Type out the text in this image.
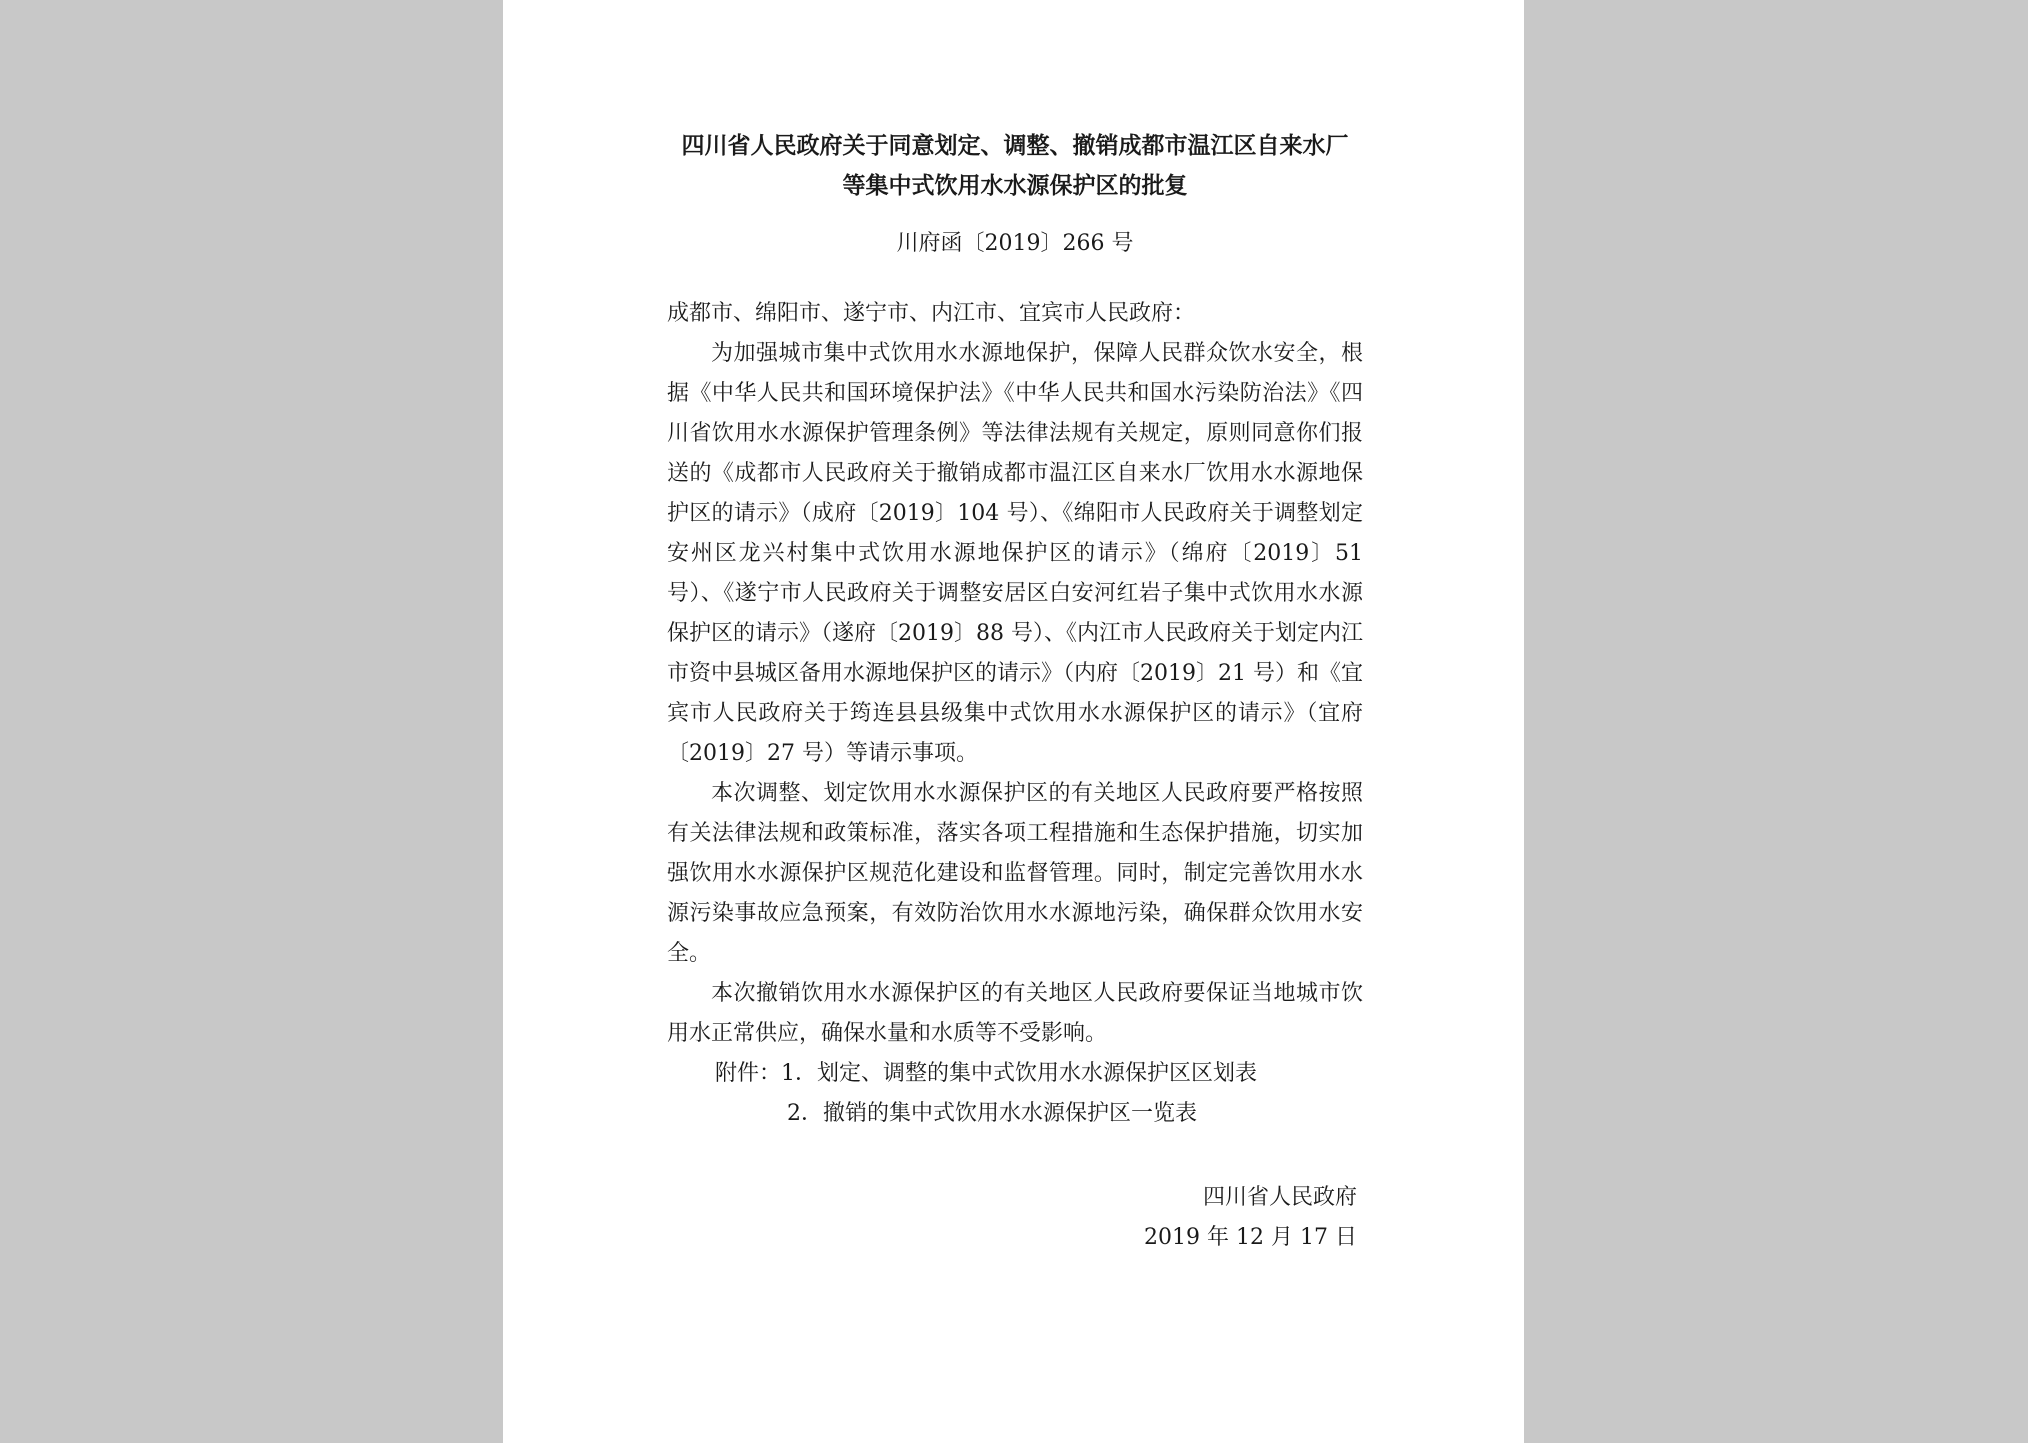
四川省人民政府关于同意划定、调整、撤销成都市温江区自来水厂
等集中式饮用水水源保护区的批复
川府函〔2019〕266 号
成都市、绵阳市、遂宁市、内江市、宜宾市人民政府：

为加强城市集中式饮用水水源地保护，保障人民群众饮水安全，根据《中华人民共和国环境保护法》《中华人民共和国水污染防治法》《四川省饮用水水源保护管理条例》等法律法规有关规定，原则同意你们报送的《成都市人民政府关于撤销成都市温江区自来水厂饮用水水源地保护区的请示》（成府〔2019〕104 号）、《绵阳市人民政府关于调整划定安州区龙兴村集中式饮用水源地保护区的请示》（绵府〔2019〕51 号）、《遂宁市人民政府关于调整安居区白安河红岩子集中式饮用水水源保护区的请示》（遂府〔2019〕88 号）、《内江市人民政府关于划定内江市资中县城区备用水源地保护区的请示》（内府〔2019〕21 号）和《宜宾市人民政府关于筠连县县级集中式饮用水水源保护区的请示》（宜府〔2019〕27 号）等请示事项。

本次调整、划定饮用水水源保护区的有关地区人民政府要严格按照有关法律法规和政策标准，落实各项工程措施和生态保护措施，切实加强饮用水水源保护区规范化建设和监督管理。同时，制定完善饮用水水源污染事故应急预案，有效防治饮用水水源地污染，确保群众饮用水安全。

本次撤销饮用水水源保护区的有关地区人民政府要保证当地城市饮用水正常供应，确保水量和水质等不受影响。

附件：1．划定、调整的集中式饮用水水源保护区区划表
2．撤销的集中式饮用水水源保护区一览表
四川省人民政府
2019 年 12 月 17 日
